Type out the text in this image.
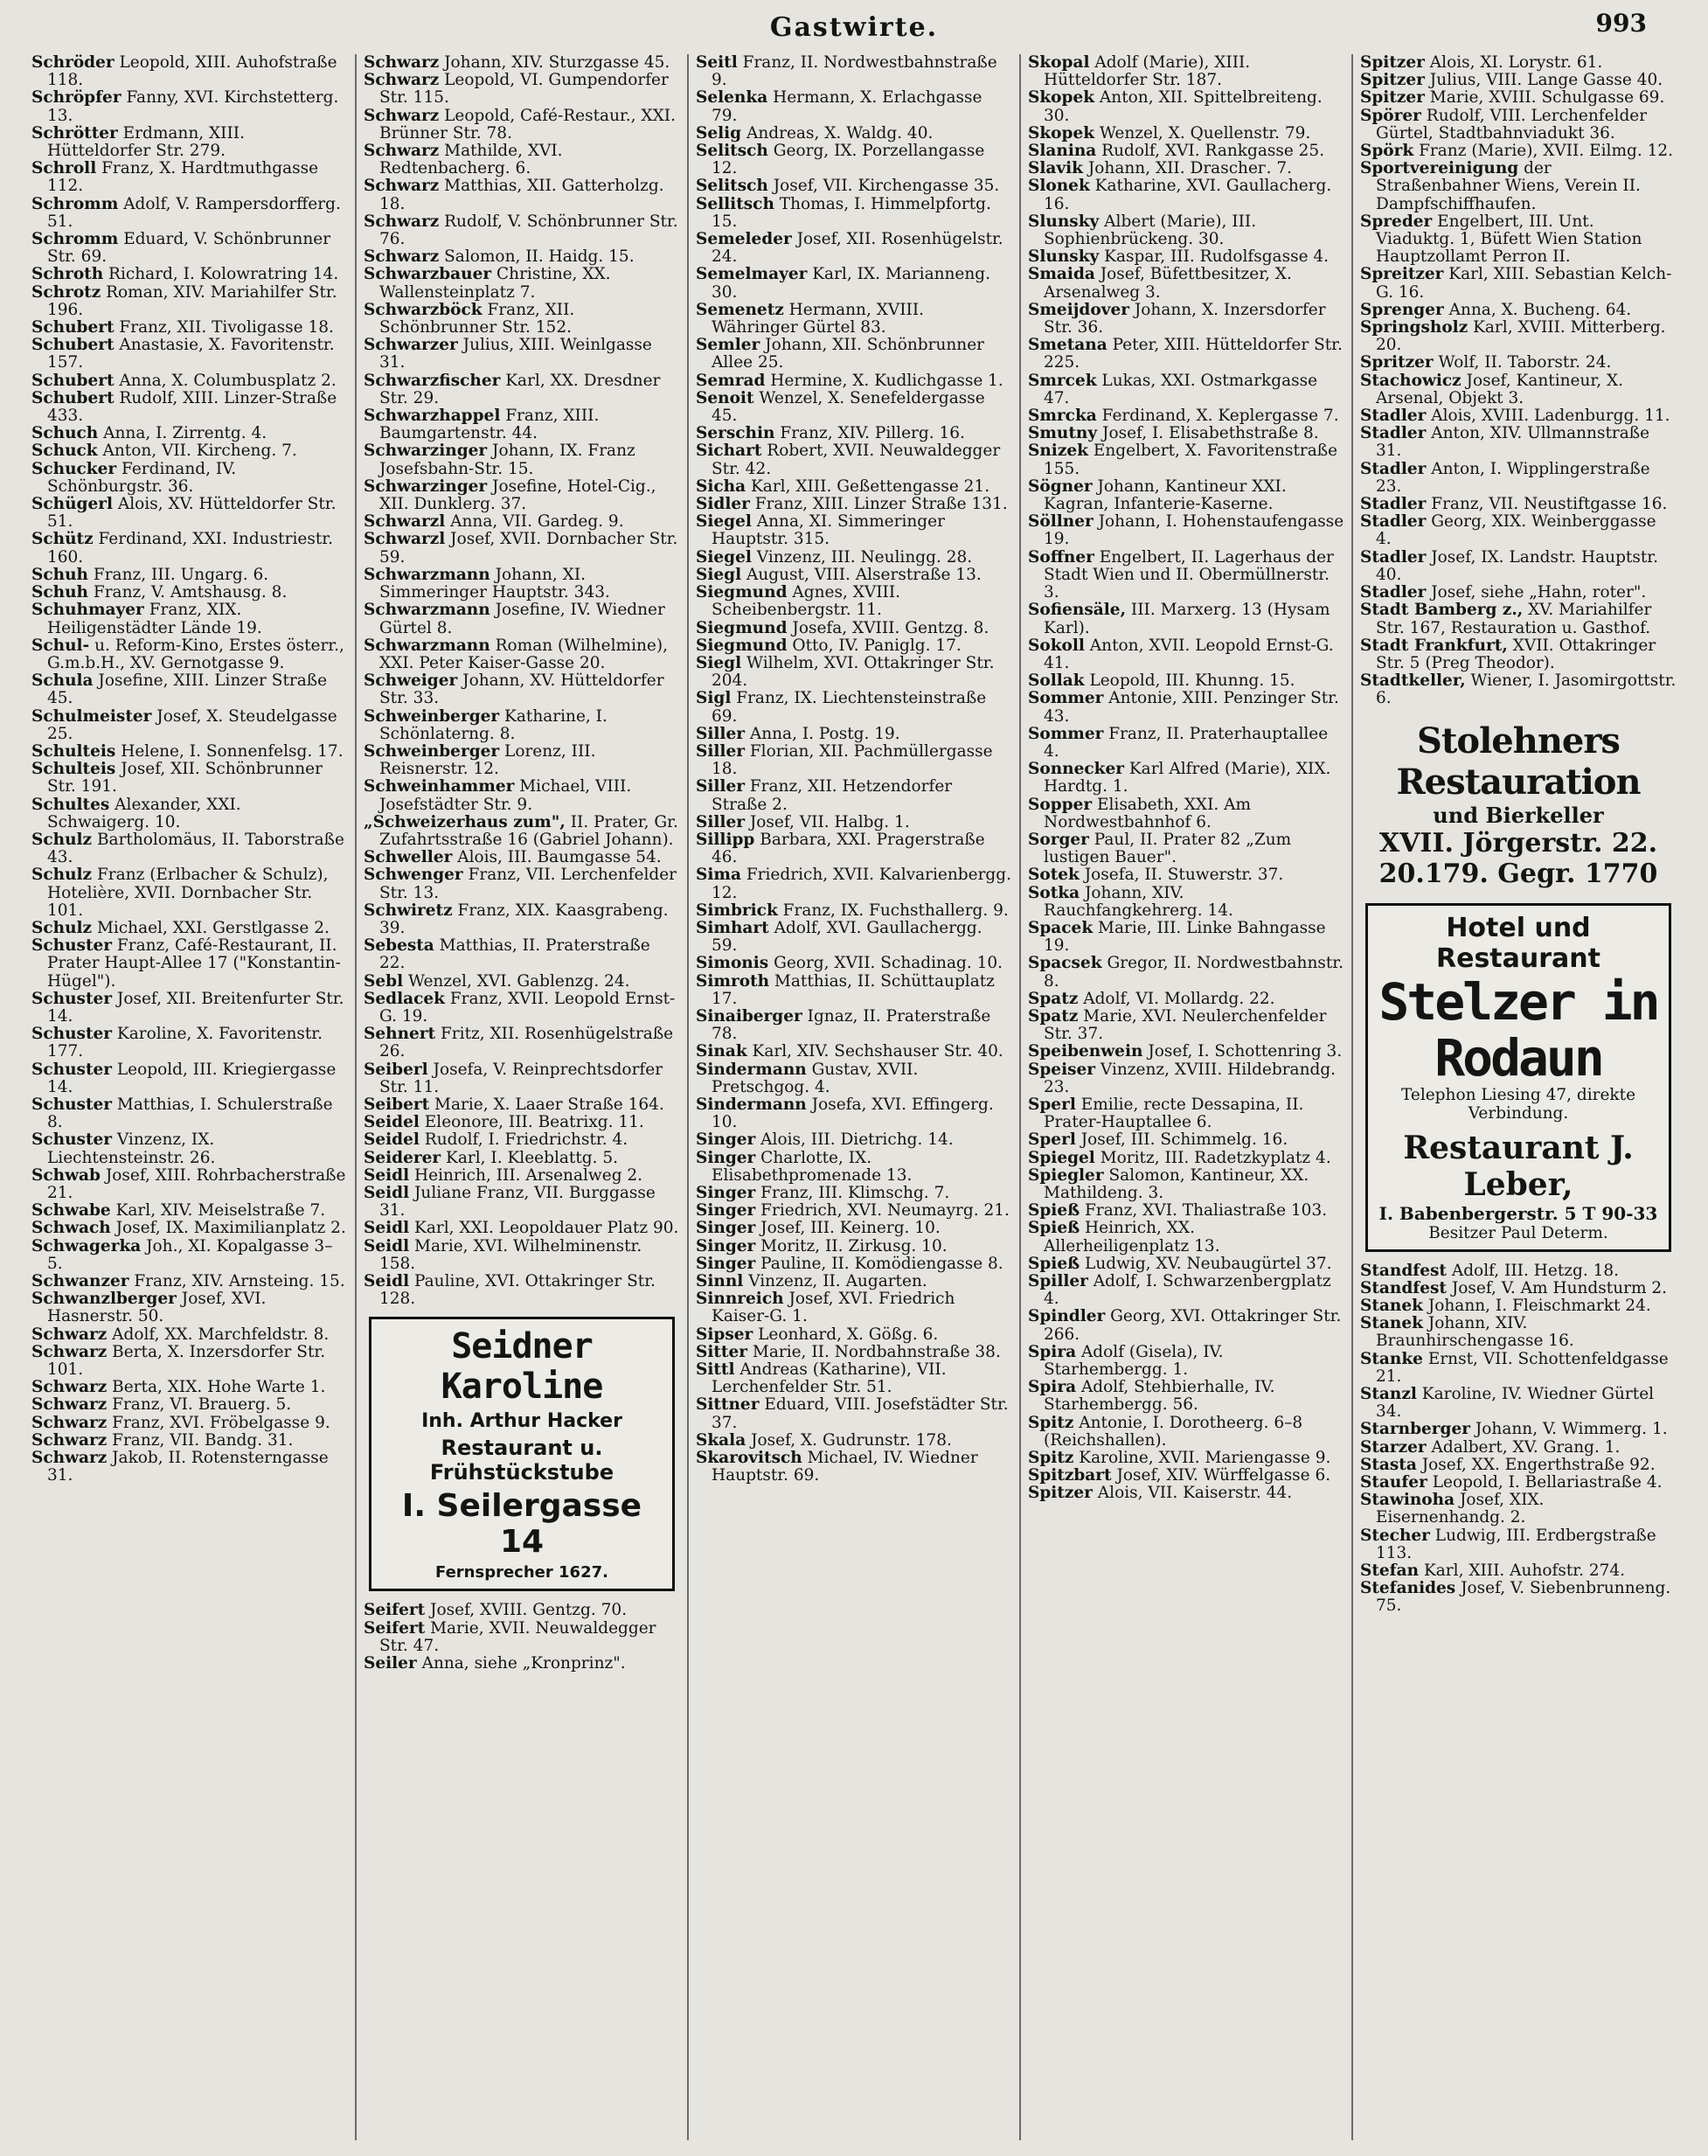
Gastwirte.	993
Schröder Leopold, XIII. Auhofstraße 118.
Schröpfer Fanny, XVI. Kirchstetterg. 13.
Schrötter Erdmann, XIII. Hütteldorfer Str. 279.
Schroll Franz, X. Hardtmuthgasse 112.
Schromm Adolf, V. Rampersdorfferg. 51.
Schromm Eduard, V. Schönbrunner Str. 69.
Schroth Richard, I. Kolowratring 14.
Schrotz Roman, XIV. Mariahilfer Str. 196.
Schubert Franz, XII. Tivoligasse 18.
Schubert Anastasie, X. Favoritenstr. 157.
Schubert Anna, X. Columbusplatz 2.
Schubert Rudolf, XIII. Linzer-Straße 433.
Schuch Anna, I. Zirrentg. 4.
Schuck Anton, VII. Kircheng. 7.
Schucker Ferdinand, IV. Schönburgstr. 36.
Schügerl Alois, XV. Hütteldorfer Str. 51.
Schütz Ferdinand, XXI. Industriestr. 160.
Schuh Franz, III. Ungarg. 6.
Schuh Franz, V. Amtshausg. 8.
Schuhmayer Franz, XIX. Heiligenstädter Lände 19.
Schul- u. Reform-Kino, Erstes österr., G.m.b.H., XV. Gernotgasse 9.
Schula Josefine, XIII. Linzer Straße 45.
Schulmeister Josef, X. Steudelgasse 25.
Schulteis Helene, I. Sonnenfelsg. 17.
Schulteis Josef, XII. Schönbrunner Str. 191.
Schultes Alexander, XXI. Schwaigerg. 10.
Schulz Bartholomäus, II. Taborstraße 43.
Schulz Franz (Erlbacher & Schulz), Hotelière, XVII. Dornbacher Str. 101.
Schulz Michael, XXI. Gerstlgasse 2.
Schuster Franz, Café-Restaurant, II. Prater Haupt-Allee 17 ("Konstantin-Hügel").
Schuster Josef, XII. Breitenfurter Str. 14.
Schuster Karoline, X. Favoritenstr. 177.
Schuster Leopold, III. Kriegiergasse 14.
Schuster Matthias, I. Schulerstraße 8.
Schuster Vinzenz, IX. Liechtensteinstr. 26.
Schwab Josef, XIII. Rohrbacherstraße 21.
Schwabe Karl, XIV. Meiselstraße 7.
Schwach Josef, IX. Maximilianplatz 2.
Schwagerka Joh., XI. Kopalgasse 3–5.
Schwanzer Franz, XIV. Arnsteing. 15.
Schwanzlberger Josef, XVI. Hasnerstr. 50.
Schwarz Adolf, XX. Marchfeldstr. 8.
Schwarz Berta, X. Inzersdorfer Str. 101.
Schwarz Berta, XIX. Hohe Warte 1.
Schwarz Franz, VI. Brauerg. 5.
Schwarz Franz, XVI. Fröbelgasse 9.
Schwarz Franz, VII. Bandg. 31.
Schwarz Jakob, II. Rotensterngasse 31.
Schwarz Johann, XIV. Sturzgasse 45.
Schwarz Leopold, VI. Gumpendorfer Str. 115.
Schwarz Leopold, Café-Restaur., XXI. Brünner Str. 78.
Schwarz Mathilde, XVI. Redtenbacherg. 6.
Schwarz Matthias, XII. Gatterholzg. 18.
Schwarz Rudolf, V. Schönbrunner Str. 76.
Schwarz Salomon, II. Haidg. 15.
Schwarzbauer Christine, XX. Wallensteinplatz 7.
Schwarzböck Franz, XII. Schönbrunner Str. 152.
Schwarzer Julius, XIII. Weinlgasse 31.
Schwarzfischer Karl, XX. Dresdner Str. 29.
Schwarzhappel Franz, XIII. Baumgartenstr. 44.
Schwarzinger Johann, IX. Franz Josefsbahn-Str. 15.
Schwarzinger Josefine, Hotel-Cig., XII. Dunklerg. 37.
Schwarzl Anna, VII. Gardeg. 9.
Schwarzl Josef, XVII. Dornbacher Str. 59.
Schwarzmann Johann, XI. Simmeringer Hauptstr. 343.
Schwarzmann Josefine, IV. Wiedner Gürtel 8.
Schwarzmann Roman (Wilhelmine), XXI. Peter Kaiser-Gasse 20.
Schweiger Johann, XV. Hütteldorfer Str. 33.
Schweinberger Katharine, I. Schönlaterng. 8.
Schweinberger Lorenz, III. Reisnerstr. 12.
Schweinhammer Michael, VIII. Josefstädter Str. 9.
„Schweizerhaus zum", II. Prater, Gr. Zufahrtsstraße 16 (Gabriel Johann).
Schweller Alois, III. Baumgasse 54.
Schwenger Franz, VII. Lerchenfelder Str. 13.
Schwiretz Franz, XIX. Kaasgrabeng. 39.
Sebesta Matthias, II. Praterstraße 22.
Sebl Wenzel, XVI. Gablenzg. 24.
Sedlacek Franz, XVII. Leopold Ernst-G. 19.
Sehnert Fritz, XII. Rosenhügelstraße 26.
Seiberl Josefa, V. Reinprechtsdorfer Str. 11.
Seibert Marie, X. Laaer Straße 164.
Seidel Eleonore, III. Beatrixg. 11.
Seidel Rudolf, I. Friedrichstr. 4.
Seiderer Karl, I. Kleeblattg. 5.
Seidl Heinrich, III. Arsenalweg 2.
Seidl Juliane Franz, VII. Burggasse 31.
Seidl Karl, XXI. Leopoldauer Platz 90.
Seidl Marie, XVI. Wilhelminenstr. 158.
Seidl Pauline, XVI. Ottakringer Str. 128.
Seidner Karoline
Inh. Arthur Hacker
Restaurant u. Frühstückstube
I. Seilergasse 14
Fernsprecher 1627.
Seifert Josef, XVIII. Gentzg. 70.
Seifert Marie, XVII. Neuwaldegger Str. 47.
Seiler Anna, siehe „Kronprinz".
Seitl Franz, II. Nordwestbahnstraße 9.
Selenka Hermann, X. Erlachgasse 79.
Selig Andreas, X. Waldg. 40.
Selitsch Georg, IX. Porzellangasse 12.
Selitsch Josef, VII. Kirchengasse 35.
Sellitsch Thomas, I. Himmelpfortg. 15.
Semeleder Josef, XII. Rosenhügelstr. 24.
Semelmayer Karl, IX. Mariannеng. 30.
Semenetz Hermann, XVIII. Währinger Gürtel 83.
Semler Johann, XII. Schönbrunner Allee 25.
Semrad Hermine, X. Kudlichgasse 1.
Senoit Wenzel, X. Senefeldergasse 45.
Serschin Franz, XIV. Pillerg. 16.
Sichart Robert, XVII. Neuwaldegger Str. 42.
Sicha Karl, XIII. Geßettengasse 21.
Sidler Franz, XIII. Linzer Straße 131.
Siegel Anna, XI. Simmeringer Hauptstr. 315.
Siegel Vinzenz, III. Neulingg. 28.
Siegl August, VIII. Alserstraße 13.
Siegmund Agnes, XVIII. Scheibenbergstr. 11.
Siegmund Josefa, XVIII. Gentzg. 8.
Siegmund Otto, IV. Paniglg. 17.
Siegl Wilhelm, XVI. Ottakringer Str. 204.
Sigl Franz, IX. Liechtensteinstraße 69.
Siller Anna, I. Postg. 19.
Siller Florian, XII. Pachmüllergasse 18.
Siller Franz, XII. Hetzendorfer Straße 2.
Siller Josef, VII. Halbg. 1.
Sillipp Barbara, XXI. Pragerstraße 46.
Sima Friedrich, XVII. Kalvarienbergg. 12.
Simbrick Franz, IX. Fuchsthallerg. 9.
Simhart Adolf, XVI. Gaullachergg. 59.
Simonis Georg, XVII. Schadinag. 10.
Simroth Matthias, II. Schüttauplatz 17.
Sinaiberger Ignaz, II. Praterstraße 78.
Sinak Karl, XIV. Sechshauser Str. 40.
Sindermann Gustav, XVII. Pretschgog. 4.
Sindermann Josefa, XVI. Effingerg. 10.
Singer Alois, III. Dietrichg. 14.
Singer Charlotte, IX. Elisabethpromenade 13.
Singer Franz, III. Klimschg. 7.
Singer Friedrich, XVI. Neumayrg. 21.
Singer Josef, III. Keinerg. 10.
Singer Moritz, II. Zirkusg. 10.
Singer Pauline, II. Komödiengasse 8.
Sinnl Vinzenz, II. Augarten.
Sinnreich Josef, XVI. Friedrich Kaiser-G. 1.
Sipser Leonhard, X. Gößg. 6.
Sitter Marie, II. Nordbahnstraße 38.
Sittl Andreas (Katharine), VII. Lerchenfelder Str. 51.
Sittner Eduard, VIII. Josefstädter Str. 37.
Skala Josef, X. Gudrunstr. 178.
Skarovitsch Michael, IV. Wiedner Hauptstr. 69.
Skopal Adolf (Marie), XIII. Hütteldorfer Str. 187.
Skopek Anton, XII. Spittelbreiteng. 30.
Skopek Wenzel, X. Quellenstr. 79.
Slanina Rudolf, XVI. Rankgasse 25.
Slavik Johann, XII. Draschег. 7.
Slonek Katharine, XVI. Gaullacherg. 16.
Slunsky Albert (Marie), III. Sophienbrückeng. 30.
Slunsky Kaspar, III. Rudolfsgasse 4.
Smaida Josef, Büfettbesitzer, X. Arsenalweg 3.
Smeijdover Johann, X. Inzersdorfer Str. 36.
Smetana Peter, XIII. Hütteldorfer Str. 225.
Smrcek Lukas, XXI. Ostmarkgasse 47.
Smrcka Ferdinand, X. Keplergasse 7.
Smutny Josef, I. Elisabethstraße 8.
Snizek Engelbert, X. Favoritenstraße 155.
Sögner Johann, Kantineur XXI. Kagran, Infanterie-Kaserne.
Söllner Johann, I. Hohenstaufengasse 19.
Soffner Engelbert, II. Lagerhaus der Stadt Wien und II. Obermüllnerstr. 3.
Sofiensäle, III. Marxerg. 13 (Hysam Karl).
Sokoll Anton, XVII. Leopold Ernst-G. 41.
Sollak Leopold, III. Khunng. 15.
Sommer Antonie, XIII. Penzinger Str. 43.
Sommer Franz, II. Praterhauptallee 4.
Sonnecker Karl Alfred (Marie), XIX. Hardtg. 1.
Sopper Elisabeth, XXI. Am Nordwestbahnhof 6.
Sorger Paul, II. Prater 82 „Zum lustigen Bauer".
Sotek Josefa, II. Stuwerstr. 37.
Sotka Johann, XIV. Rauchfangkehrerg. 14.
Spacek Marie, III. Linke Bahngasse 19.
Spacsek Gregor, II. Nordwestbahnstr. 8.
Spatz Adolf, VI. Mollardg. 22.
Spatz Marie, XVI. Neulerchenfelder Str. 37.
Speibenwein Josef, I. Schottenring 3.
Speiser Vinzenz, XVIII. Hildebrandg. 23.
Sperl Emilie, recte Dessapina, II. Prater-Hauptallee 6.
Sperl Josef, III. Schimmelg. 16.
Spiegel Moritz, III. Radetzkyplatz 4.
Spiegler Salomon, Kantineur, XX. Mathildeng. 3.
Spieß Franz, XVI. Thaliastraße 103.
Spieß Heinrich, XX. Allerheiligenplatz 13.
Spieß Ludwig, XV. Neubaugürtel 37.
Spiller Adolf, I. Schwarzenbergplatz 4.
Spindler Georg, XVI. Ottakringer Str. 266.
Spira Adolf (Gisela), IV. Starhembergg. 1.
Spira Adolf, Stehbierhalle, IV. Starhembergg. 56.
Spitz Antonie, I. Dorotheerg. 6–8 (Reichshallen).
Spitz Karoline, XVII. Mariengasse 9.
Spitzbart Josef, XIV. Würffelgasse 6.
Spitzer Alois, VII. Kaiserstr. 44.
Spitzer Alois, XI. Lorystr. 61.
Spitzer Julius, VIII. Lange Gasse 40.
Spitzer Marie, XVIII. Schulgasse 69.
Spörer Rudolf, VIII. Lerchenfelder Gürtel, Stadtbahnviadukt 36.
Spörk Franz (Marie), XVII. Eilmg. 12.
Sportvereinigung der Straßenbahner Wiens, Verein II. Dampfschiffhaufen.
Spreder Engelbert, III. Unt. Viaduktg. 1, Büfett Wien Station Hauptzollamt Perron II.
Spreitzer Karl, XIII. Sebastian Kelch-G. 16.
Sprenger Anna, X. Bucheng. 64.
Springsholz Karl, XVIII. Mitterberg. 20.
Spritzer Wolf, II. Taborstr. 24.
Stachowicz Josef, Kantineur, X. Arsenal, Objekt 3.
Stadler Alois, XVIII. Ladenburgg. 11.
Stadler Anton, XIV. Ullmannstraße 31.
Stadler Anton, I. Wipplingerstraße 23.
Stadler Franz, VII. Neustiftgasse 16.
Stadler Georg, XIX. Weinberggasse 4.
Stadler Josef, IX. Landstr. Hauptstr. 40.
Stadler Josef, siehe „Hahn, roter".
Stadt Bamberg z., XV. Mariahilfer Str. 167, Restauration u. Gasthof.
Stadt Frankfurt, XVII. Ottakringer Str. 5 (Preg Theodor).
Stadtkeller, Wiener, I. Jasomirgottstr. 6.
Stolehners Restauration
und Bierkeller
XVII. Jörgerstr. 22.
20.179. Gegr. 1770
Hotel und Restaurant
Stelzer in Rodaun
Telephon Liesing 47, direkte Verbindung.
Restaurant J. Leber,
I. Babenbergerstr. 5 T 90-33
Besitzer Paul Determ.
Standfest Adolf, III. Hetzg. 18.
Standfest Josef, V. Am Hundsturm 2.
Stanek Johann, I. Fleischmarkt 24.
Stanek Johann, XIV. Braunhirschengasse 16.
Stanke Ernst, VII. Schottenfeldgasse 21.
Stanzl Karoline, IV. Wiedner Gürtel 34.
Starnberger Johann, V. Wimmerg. 1.
Starzer Adalbert, XV. Grang. 1.
Stasta Josef, XX. Engerthstraße 92.
Staufer Leopold, I. Bellariastraße 4.
Stawinoha Josef, XIX. Eisernenhandg. 2.
Stecher Ludwig, III. Erdbergstraße 113.
Stefan Karl, XIII. Auhofstr. 274.
Stefanides Josef, V. Siebenbrunneng. 75.
